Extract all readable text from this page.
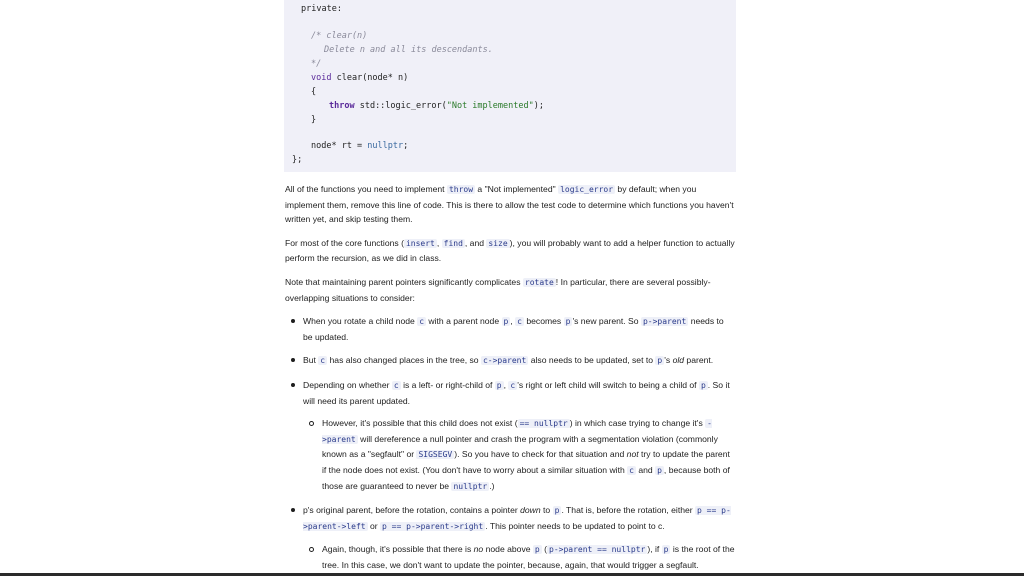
private:
/* clear(n)
Delete n and all its descendants.
*/
void clear(node* n)
{
throw std::logic_error("Not implemented");
}
node* rt = nullptr;
};

All of the functions you need to implement throw a "Not implemented" logic_error by default; when you implement them, remove this line of code. This is there to allow the test code to determine which functions you haven't written yet, and skip testing them.

For most of the core functions ( insert , find , and size ), you will probably want to add a helper function to actually perform the recursion, as we did in class.

Note that maintaining parent pointers significantly complicates rotate ! In particular, there are several possibly-overlapping situations to consider:

When you rotate a child node c with a parent node p , c becomes p 's new parent. So p->parent needs to be updated.
But c has also changed places in the tree, so c->parent also needs to be updated, set to p 's old parent.
Depending on whether c is a left- or right-child of p , c 's right or left child will switch to being a child of p . So it will need its parent updated.
However, it's possible that this child does not exist ( == nullptr ) in which case trying to change it's ->parent will dereference a null pointer and crash the program with a segmentation violation (commonly known as a "segfault" or SIGSEGV ). So you have to check for that situation and not try to update the parent if the node does not exist. (You don't have to worry about a similar situation with c and p , because both of those are guaranteed to never be nullptr .)
p's original parent, before the rotation, contains a pointer down to p . That is, before the rotation, either p == p->parent->left or p == p->parent->right . This pointer needs to be updated to point to c.
Again, though, it's possible that there is no node above p ( p->parent == nullptr ), if p is the root of the tree. In this case, we don't want to update the pointer, because, again, that would trigger a segfault.
